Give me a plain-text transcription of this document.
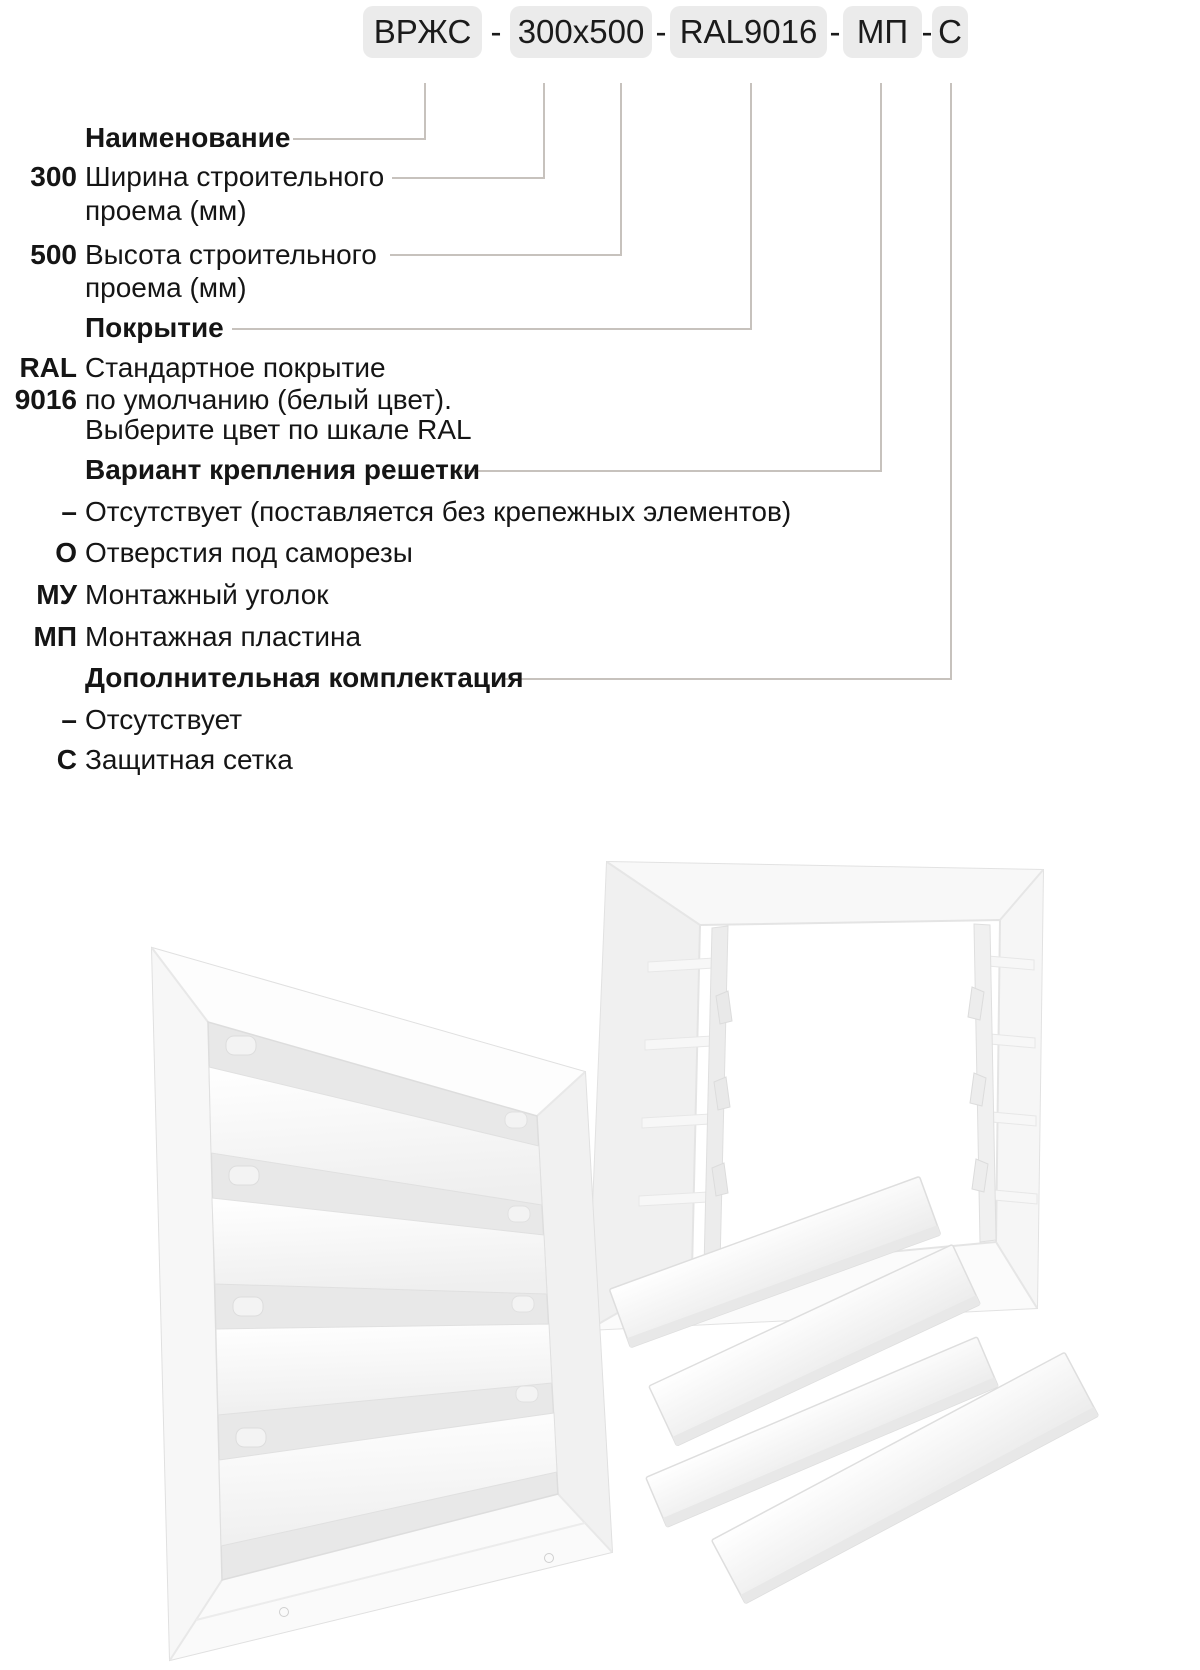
ВРЖС - 300x500 - RAL9016 - МП - С
Наименование
300 Ширина строительного
проема (мм)
500 Высота строительного
проема (мм)
Покрытие
RAL Стандартное покрытие
9016 по умолчанию (белый цвет).
Выберите цвет по шкале RAL
Вариант крепления решетки
– Отсутствует (поставляется без крепежных элементов)
О Отверстия под саморезы
МУ Монтажный уголок
МП Монтажная пластина
Дополнительная комплектация
– Отсутствует
С Защитная сетка
